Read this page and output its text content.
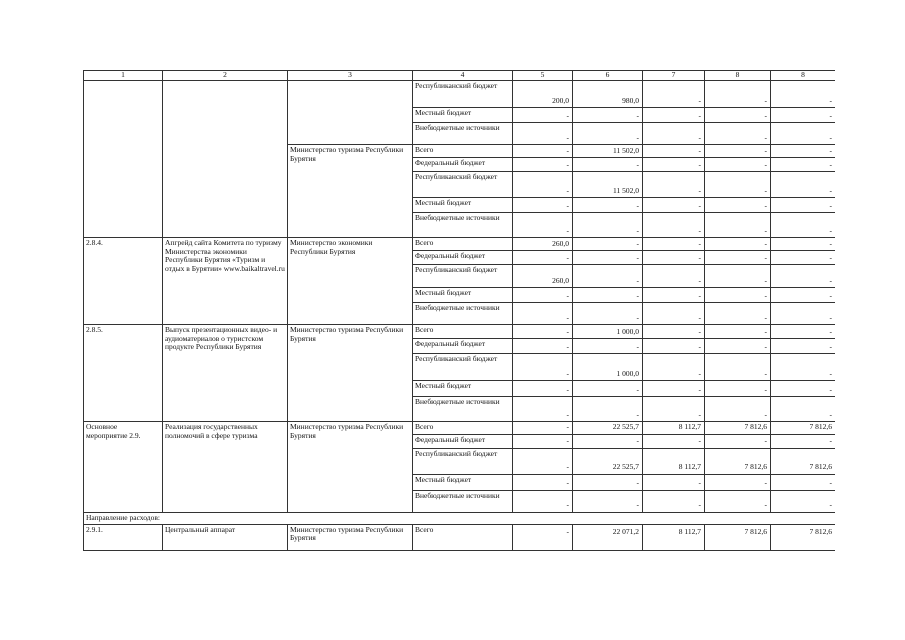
1	2	3	4	5	6	7	8	8
			Республиканский бюджет	200,0	980,0	-	-	-
			Местный бюджет	-	-	-	-	-
			Внебюджетные источники	-	-	-	-	-
		Министерство туризма Республики Бурятия	Всего	-	11 502,0	-	-	-
			Федеральный бюджет	-	-	-	-	-
			Республиканский бюджет	-	11 502,0	-	-	-
			Местный бюджет	-	-	-	-	-
			Внебюджетные источники	-	-	-	-	-
2.8.4.	Апгрейд сайта Комитета по туризму Министерства экономики Республики Бурятия «Туризм и отдых в Бурятии» www.baikaltravel.ru	Министерство экономики Республики Бурятия	Всего	260,0	-	-	-	-
			Федеральный бюджет	-	-	-	-	-
			Республиканский бюджет	260,0	-	-	-	-
			Местный бюджет	-	-	-	-	-
			Внебюджетные источники	-	-	-	-	-
2.8.5.	Выпуск презентационных видео- и аудиоматериалов о туристском продукте Республики Бурятия	Министерство туризма Республики Бурятия	Всего	-	1 000,0	-	-	-
			Федеральный бюджет	-	-	-	-	-
			Республиканский бюджет	-	1 000,0	-	-	-
			Местный бюджет	-	-	-	-	-
			Внебюджетные источники	-	-	-	-	-
Основное мероприятие 2.9.	Реализация государственных полномочий в сфере туризма	Министерство туризма Республики Бурятия	Всего	-	22 525,7	8 112,7	7 812,6	7 812,6
			Федеральный бюджет	-	-	-	-	-
			Республиканский бюджет	-	22 525,7	8 112,7	7 812,6	7 812,6
			Местный бюджет	-	-	-	-	-
			Внебюджетные источники	-	-	-	-	-
Направление расходов:								
2.9.1.	Центральный аппарат	Министерство туризма Республики Бурятия	Всего	-	22 071,2	8 112,7	7 812,6	7 812,6
